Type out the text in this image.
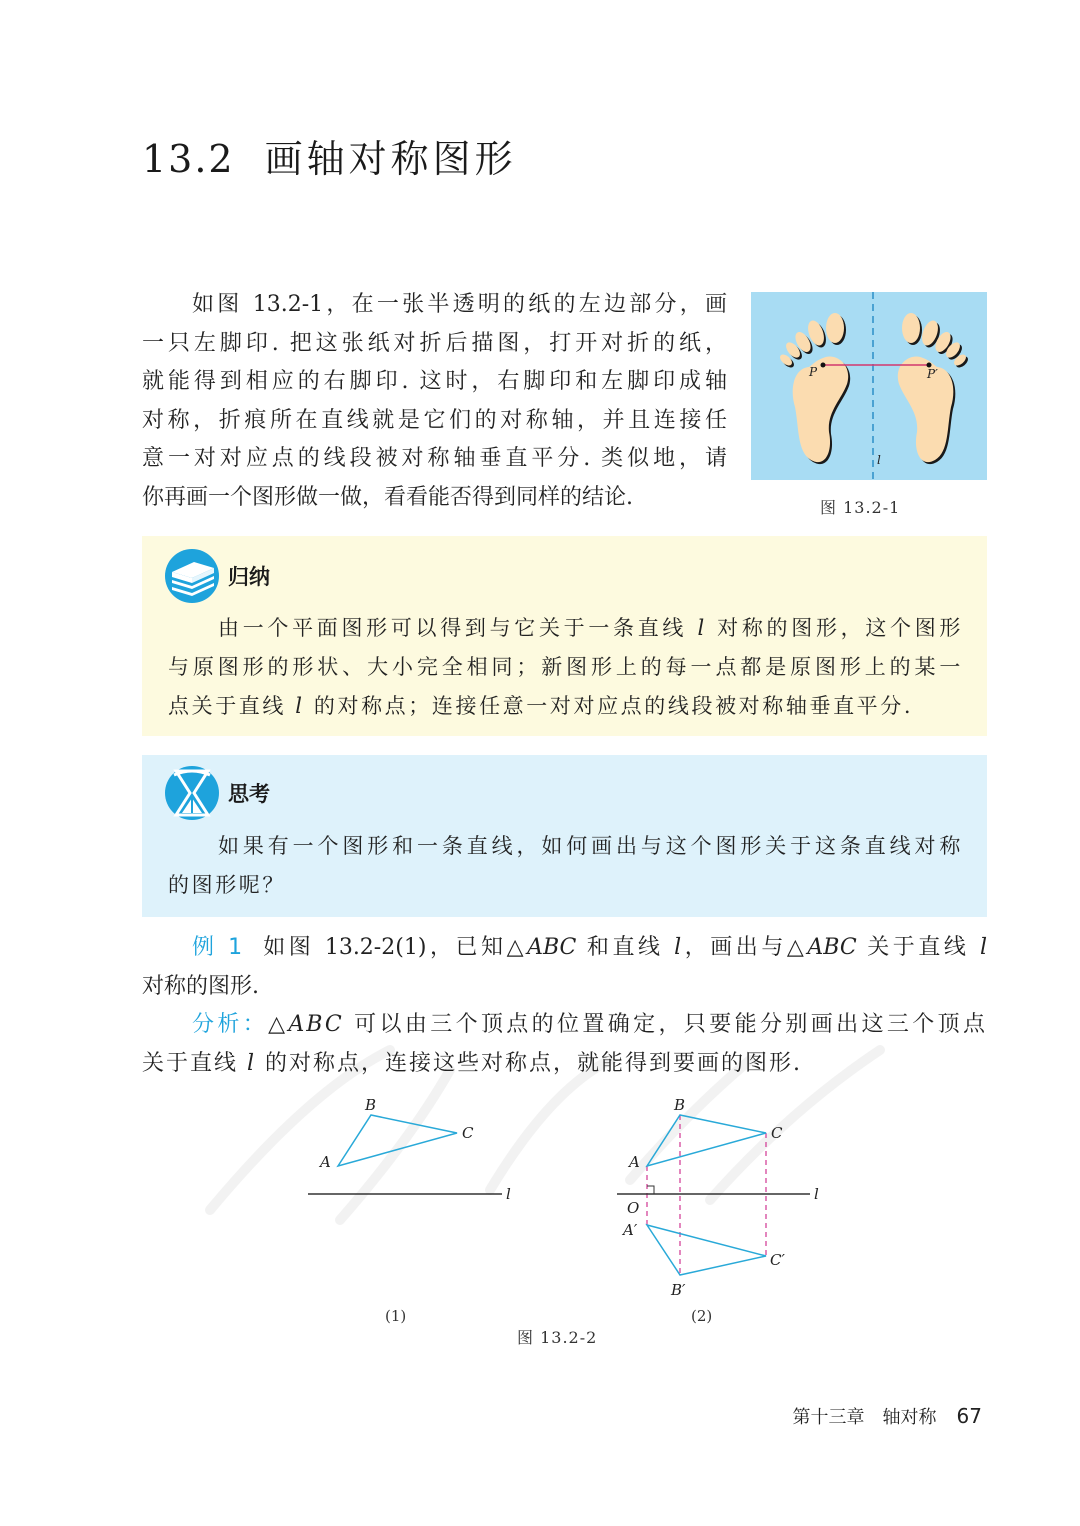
13.2 画轴对称图形
如图 13.2-1，在一张半透明的纸的左边部分，画
一只左脚印. 把这张纸对折后描图，打开对折的纸，
就能得到相应的右脚印. 这时，右脚印和左脚印成轴
对称，折痕所在直线就是它们的对称轴，并且连接任
意一对对应点的线段被对称轴垂直平分. 类似地，请
你再画一个图形做一做，看看能否得到同样的结论.
P	P′
l
图 13.2-1
归纳
由一个平面图形可以得到与它关于一条直线 l 对称的图形，这个图形
与原图形的形状、大小完全相同；新图形上的每一点都是原图形上的某一
点关于直线 l 的对称点；连接任意一对对应点的线段被对称轴垂直平分.
思考
如果有一个图形和一条直线，如何画出与这个图形关于这条直线对称
的图形呢？
例 1 如图 13.2-2(1)，已知△ABC 和直线 l，画出与△ABC 关于直线 l
对称的图形.
分析：△ABC 可以由三个顶点的位置确定，只要能分别画出这三个顶点
关于直线 l 的对称点，连接这些对称点，就能得到要画的图形.
B
C
A
l
(1)
B
C
A
l
O
A′
C′
B′
(2)
图 13.2-2
第十三章 轴对称 67
